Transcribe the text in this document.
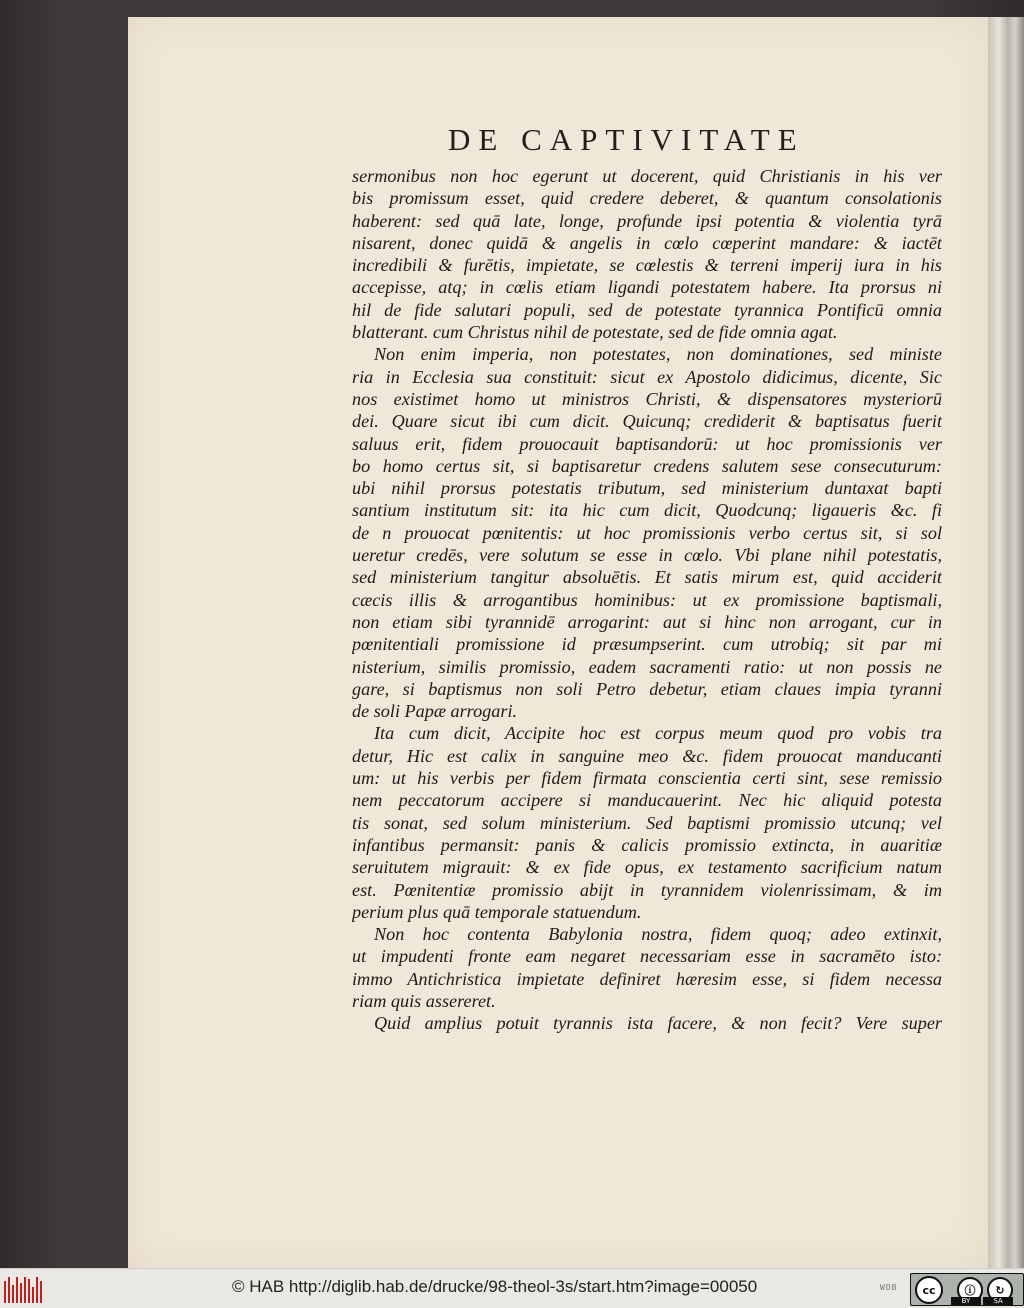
DE CAPTIVITATE
sermonibus non hoc egerunt ut docerent, quid Christianis in his ver
bis promissum esset, quid credere deberet, & quantum consolationis
haberent: sed quā late, longe, profunde ipsi potentia & violentia tyrā
nisarent, donec quidā & angelis in cœlo cœperint mandare: & iactēt
incredibili & furētis, impietate, se cœlestis & terreni imperij iura in his
accepisse, atq; in cœlis etiam ligandi potestatem habere. Ita prorsus ni
hil de fide salutari populi, sed de potestate tyrannica Pontificū omnia
blatterant. cum Christus nihil de potestate, sed de fide omnia agat.
Non enim imperia, non potestates, non dominationes, sed ministe
ria in Ecclesia sua constituit: sicut ex Apostolo didicimus, dicente, Sic
nos existimet homo ut ministros Christi, & dispensatores mysteriorū
dei. Quare sicut ibi cum dicit. Quicunq; crediderit & baptisatus fuerit
saluus erit, fidem prouocauit baptisandorū: ut hoc promissionis ver
bo homo certus sit, si baptisaretur credens salutem sese consecuturum:
ubi nihil prorsus potestatis tributum, sed ministerium duntaxat bapti
santium institutum sit: ita hic cum dicit, Quodcunq; ligaueris &c. fi
de n prouocat pœnitentis: ut hoc promissionis verbo certus sit, si sol
ueretur credēs, vere solutum se esse in cœlo. Vbi plane nihil potestatis,
sed ministerium tangitur absoluētis. Et satis mirum est, quid acciderit
cæcis illis & arrogantibus hominibus: ut ex promissione baptismali,
non etiam sibi tyrannidē arrogarint: aut si hinc non arrogant, cur in
pœnitentiali promissione id præsumpserint. cum utrobiq; sit par mi
nisterium, similis promissio, eadem sacramenti ratio: ut non possis ne
gare, si baptismus non soli Petro debetur, etiam claues impia tyranni
de soli Papæ arrogari.
Ita cum dicit, Accipite hoc est corpus meum quod pro vobis tra
detur, Hic est calix in sanguine meo &c. fidem prouocat manducanti
um: ut his verbis per fidem firmata conscientia certi sint, sese remissio
nem peccatorum accipere si manducauerint. Nec hic aliquid potesta
tis sonat, sed solum ministerium. Sed baptismi promissio utcunq; vel
infantibus permansit: panis & calicis promissio extincta, in auaritiæ
seruitutem migrauit: & ex fide opus, ex testamento sacrificium natum
est. Pœnitentiæ promissio abijt in tyrannidem violenrissimam, & im
perium plus quā temporale statuendum.
Non hoc contenta Babylonia nostra, fidem quoq; adeo extinxit,
ut impudenti fronte eam negaret necessariam esse in sacramēto isto:
immo Antichristica impietate definiret hæresim esse, si fidem necessa
riam quis assereret.
Quid amplius potuit tyrannis ista facere, & non fecit? Vere super
© HAB http://diglib.hab.de/drucke/98-theol-3s/start.htm?image=00050	WDB	cc	ⓘ	↻
BY	SA
